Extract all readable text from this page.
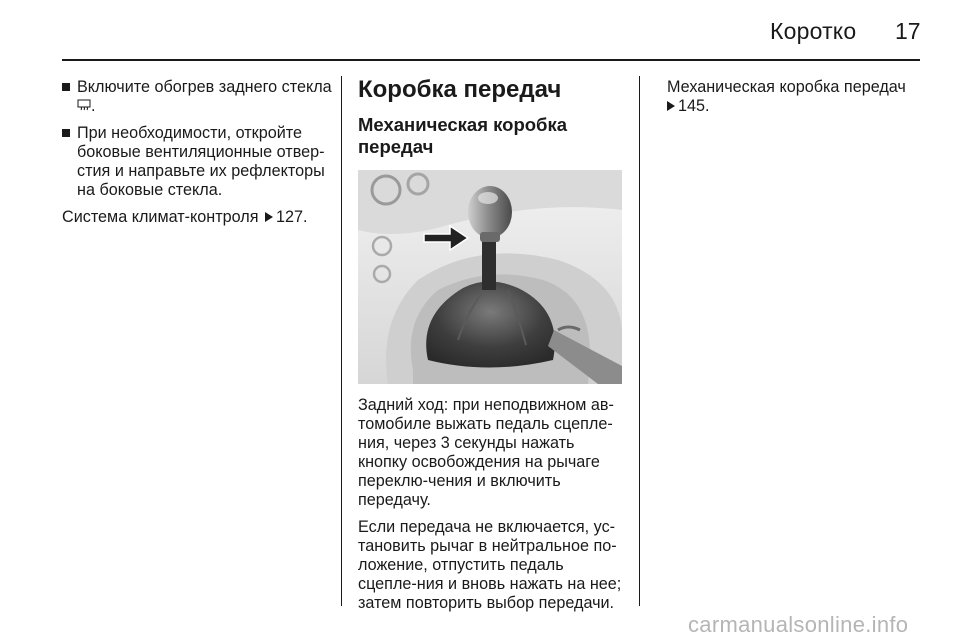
Коротко 17
Включите обогрев заднего стекла .
При необходимости, откройте боковые вентиляционные отвер-стия и направьте их рефлекторы на боковые стекла.
Система климат-контроля 127.
Коробка передач
Механическая коробка передач
Задний ход: при неподвижном ав-томобиле выжать педаль сцепле-ния, через 3 секунды нажать кнопку освобождения на рычаге переклю-чения и включить передачу.
Если передача не включается, ус-тановить рычаг в нейтральное по-ложение, отпустить педаль сцепле-ния и вновь нажать на нее; затем повторить выбор передачи.
Механическая коробка передач
145.
carmanualsonline.info
